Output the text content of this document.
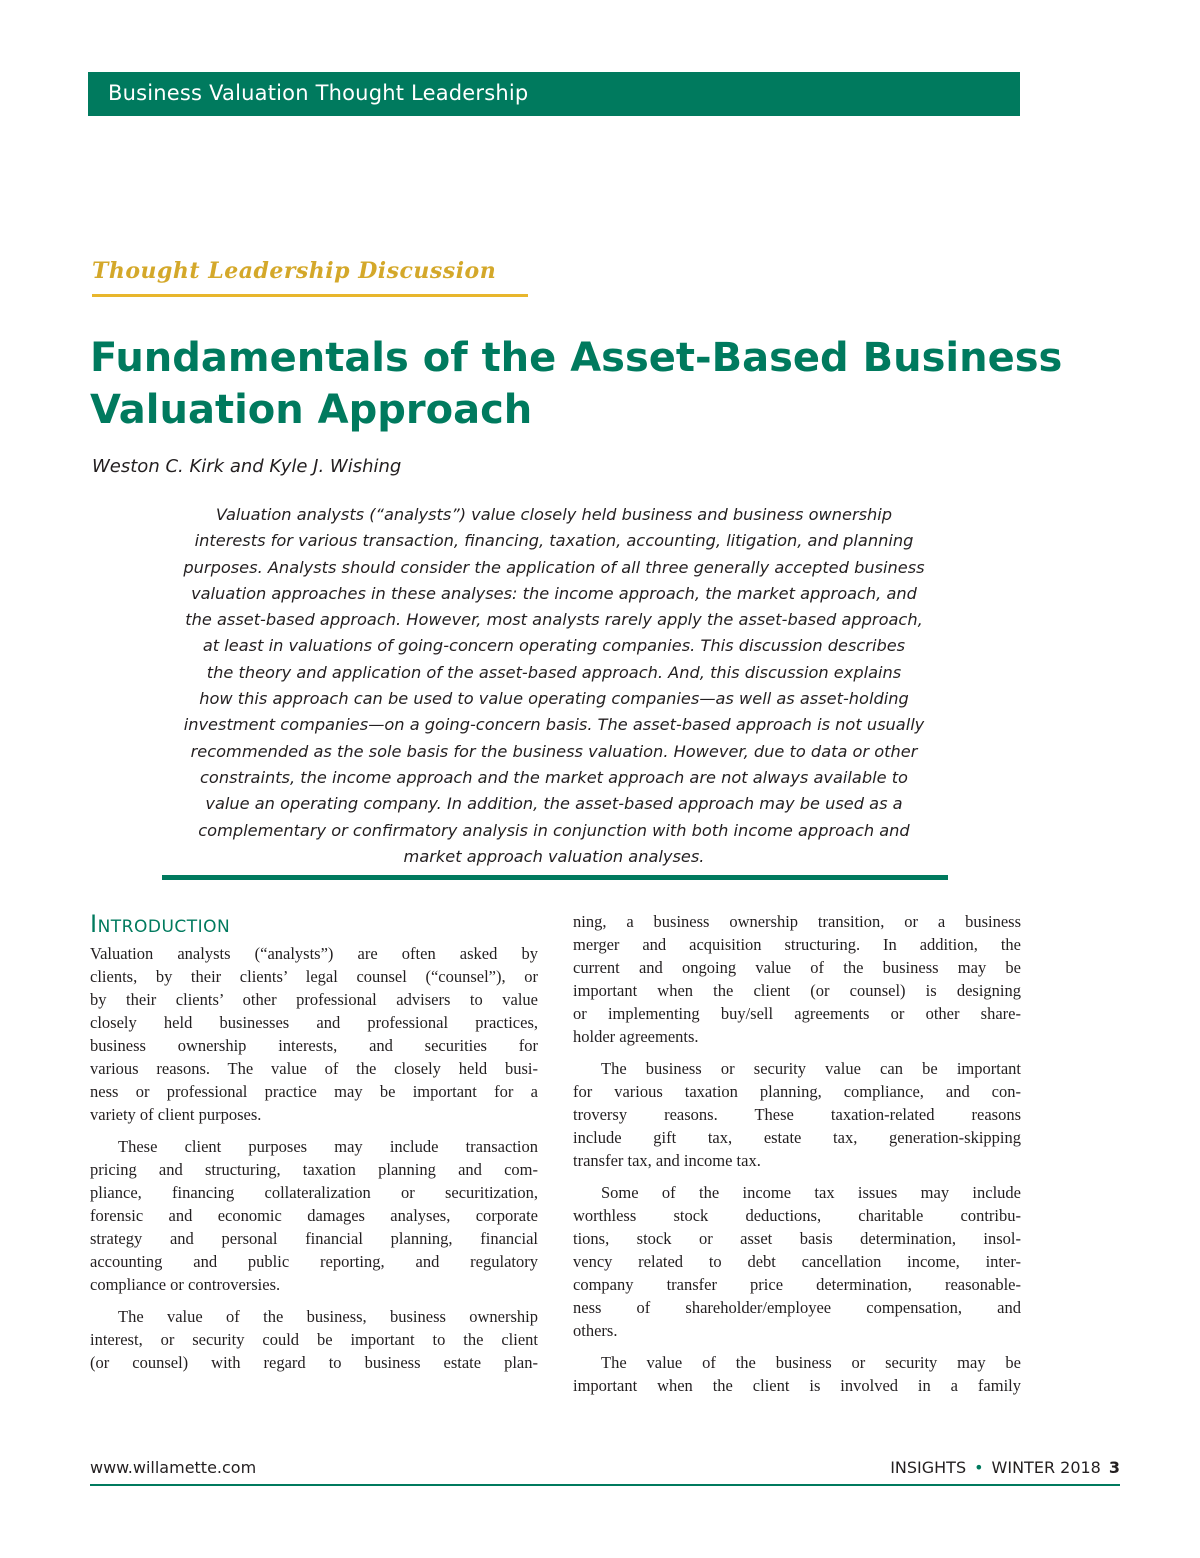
Business Valuation Thought Leadership
Thought Leadership Discussion
Fundamentals of the Asset-Based Business
Valuation Approach
Weston C. Kirk and Kyle J. Wishing
Valuation analysts (“analysts”) value closely held business and business ownership
interests for various transaction, financing, taxation, accounting, litigation, and planning
purposes. Analysts should consider the application of all three generally accepted business
valuation approaches in these analyses: the income approach, the market approach, and
the asset-based approach. However, most analysts rarely apply the asset-based approach,
at least in valuations of going-concern operating companies. This discussion describes
the theory and application of the asset-based approach. And, this discussion explains
how this approach can be used to value operating companies—as well as asset-holding
investment companies—on a going-concern basis. The asset-based approach is not usually
recommended as the sole basis for the business valuation. However, due to data or other
constraints, the income approach and the market approach are not always available to
value an operating company. In addition, the asset-based approach may be used as a
complementary or confirmatory analysis in conjunction with both income approach and
market approach valuation analyses.
Introduction
Valuation analysts (“analysts”) are often asked by
clients, by their clients’ legal counsel (“counsel”), or
by their clients’ other professional advisers to value
closely held businesses and professional practices,
business ownership interests, and securities for
various reasons. The value of the closely held busi-
ness or professional practice may be important for a
variety of client purposes.
These client purposes may include transaction
pricing and structuring, taxation planning and com-
pliance, financing collateralization or securitization,
forensic and economic damages analyses, corporate
strategy and personal financial planning, financial
accounting and public reporting, and regulatory
compliance or controversies.
The value of the business, business ownership
interest, or security could be important to the client
(or counsel) with regard to business estate plan-
ning, a business ownership transition, or a business
merger and acquisition structuring. In addition, the
current and ongoing value of the business may be
important when the client (or counsel) is designing
or implementing buy/sell agreements or other share-
holder agreements.
The business or security value can be important
for various taxation planning, compliance, and con-
troversy reasons. These taxation-related reasons
include gift tax, estate tax, generation-skipping
transfer tax, and income tax.
Some of the income tax issues may include
worthless stock deductions, charitable contribu-
tions, stock or asset basis determination, insol-
vency related to debt cancellation income, inter-
company transfer price determination, reasonable-
ness of shareholder/employee compensation, and
others.
The value of the business or security may be
important when the client is involved in a family
www.willamette.com	INSIGHTS • WINTER 2018 3
